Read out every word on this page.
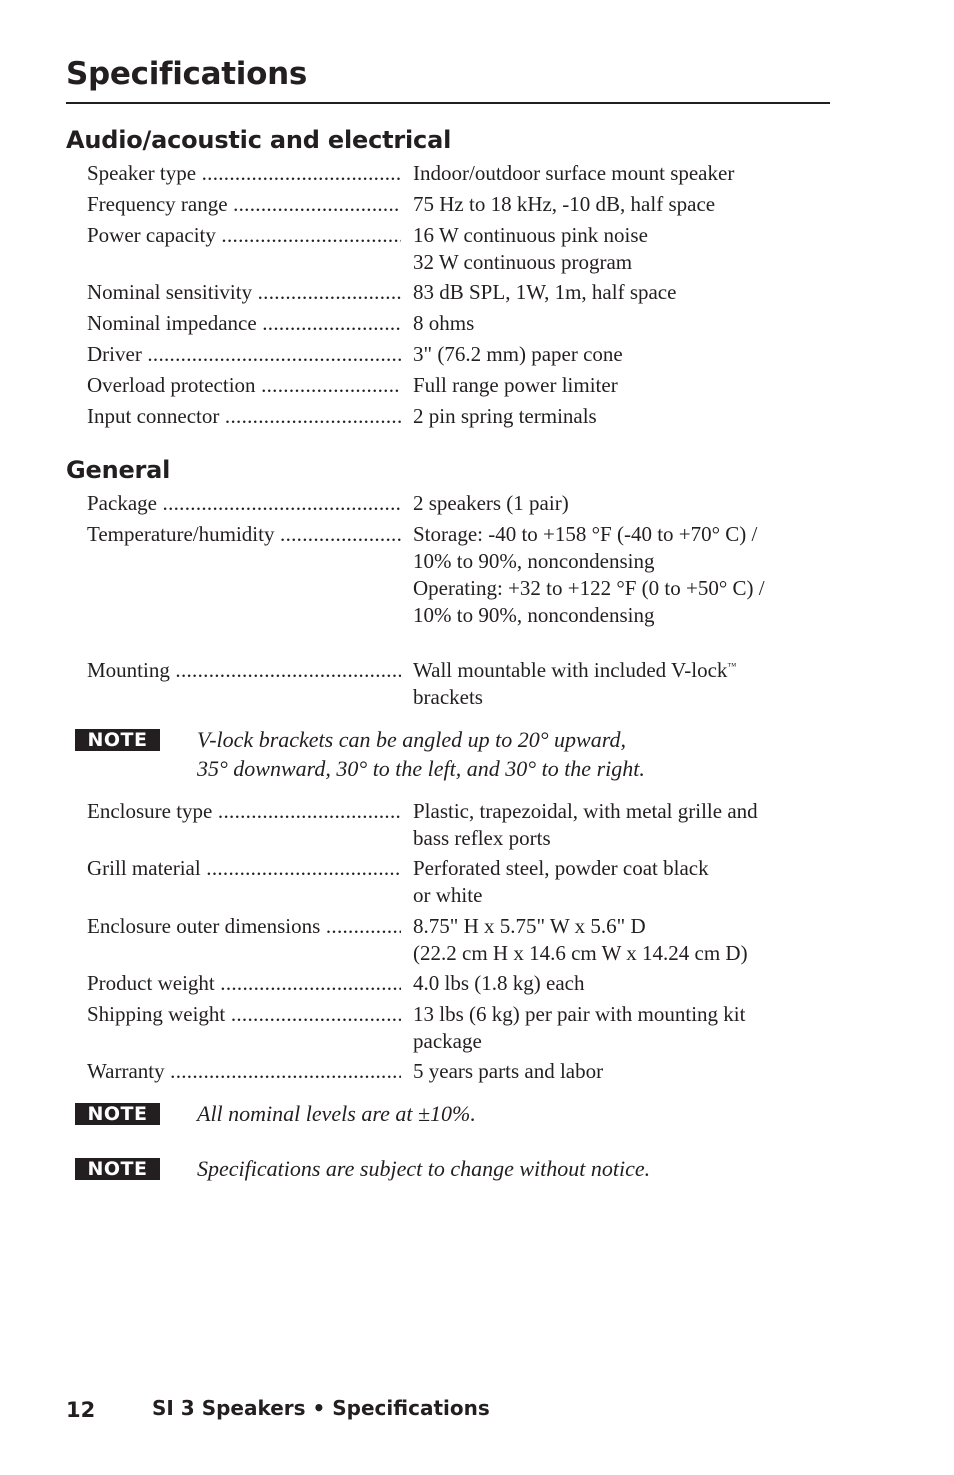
Specifications
Audio/acoustic and electrical
Speaker type .....	Indoor/outdoor surface mount speaker
Frequency range .....	75 Hz to 18 kHz, -10 dB, half space
Power capacity .....	16 W continuous pink noise
32 W continuous program
Nominal sensitivity .....	83 dB SPL, 1W, 1m, half space
Nominal impedance .....	8 ohms
Driver .....	3" (76.2 mm) paper cone
Overload protection .....	Full range power limiter
Input connector .....	2 pin spring terminals
General
Package .....	2 speakers (1 pair)
Temperature/humidity .....	Storage: -40 to +158 °F (-40 to +70° C) /
10% to 90%, noncondensing
Operating: +32 to +122 °F (0 to +50° C) /
10% to 90%, noncondensing
Mounting .....	Wall mountable with included V-lock™
brackets
NOTE	V-lock brackets can be angled up to 20° upward,
35° downward, 30° to the left, and 30° to the right.
Enclosure type .....	Plastic, trapezoidal, with metal grille and
bass reflex ports
Grill material .....	Perforated steel, powder coat black
or white
Enclosure outer dimensions .....	8.75" H x 5.75" W x 5.6" D
(22.2 cm H x 14.6 cm W x 14.24 cm D)
Product weight .....	4.0 lbs (1.8 kg) each
Shipping weight .....	13 lbs (6 kg) per pair with mounting kit
package
Warranty .....	5 years parts and labor
NOTE	All nominal levels are at ±10%.
NOTE	Specifications are subject to change without notice.
12	SI 3 Speakers • Specifications
